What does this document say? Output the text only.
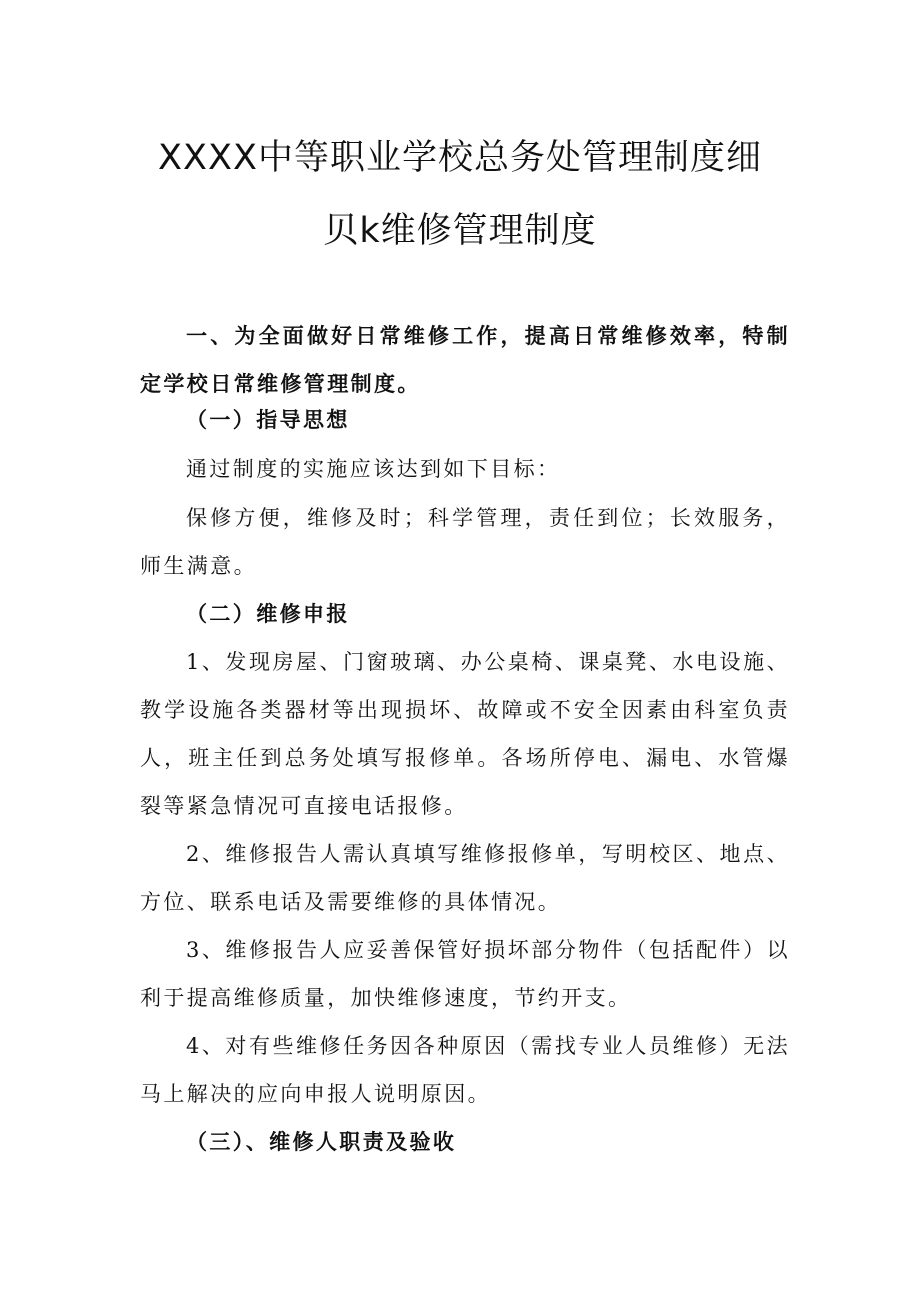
XXXX中等职业学校总务处管理制度细
贝k维修管理制度

一、为全面做好日常维修工作，提高日常维修效率，特制定学校日常维修管理制度。

（一）指导思想

通过制度的实施应该达到如下目标：

保修方便，维修及时；科学管理，责任到位；长效服务，师生满意。

（二）维修申报

1、发现房屋、门窗玻璃、办公桌椅、课桌凳、水电设施、教学设施各类器材等出现损坏、故障或不安全因素由科室负责人，班主任到总务处填写报修单。各场所停电、漏电、水管爆裂等紧急情况可直接电话报修。

2、维修报告人需认真填写维修报修单，写明校区、地点、方位、联系电话及需要维修的具体情况。

3、维修报告人应妥善保管好损坏部分物件（包括配件）以利于提高维修质量，加快维修速度，节约开支。

4、对有些维修任务因各种原因（需找专业人员维修）无法马上解决的应向申报人说明原因。

（三）、维修人职责及验收
